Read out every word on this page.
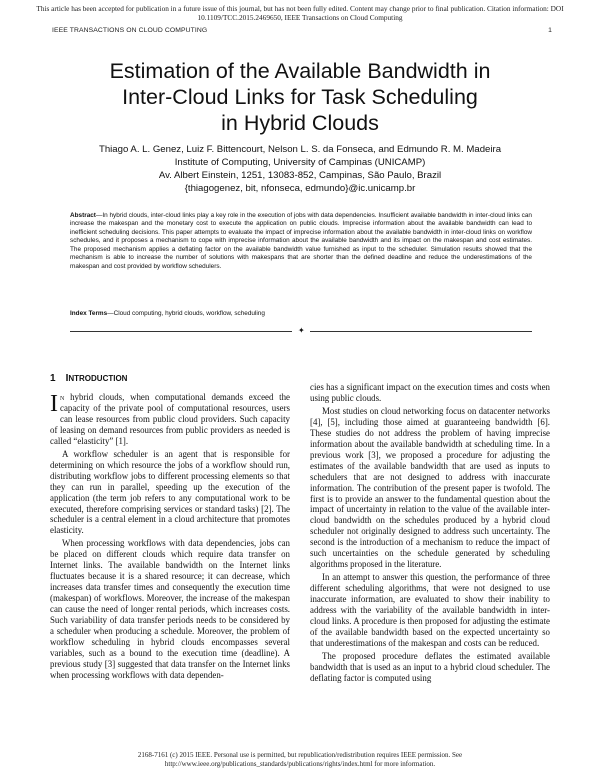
This article has been accepted for publication in a future issue of this journal, but has not been fully edited. Content may change prior to final publication. Citation information: DOI
10.1109/TCC.2015.2469650, IEEE Transactions on Cloud Computing
IEEE TRANSACTIONS ON CLOUD COMPUTING	1
Estimation of the Available Bandwidth in
Inter-Cloud Links for Task Scheduling
in Hybrid Clouds
Thiago A. L. Genez, Luiz F. Bittencourt, Nelson L. S. da Fonseca, and Edmundo R. M. Madeira
Institute of Computing, University of Campinas (UNICAMP)
Av. Albert Einstein, 1251, 13083-852, Campinas, São Paulo, Brazil
{thiagogenez, bit, nfonseca, edmundo}@ic.unicamp.br

Abstract—In hybrid clouds, inter-cloud links play a key role in the execution of jobs with data dependencies. Insufficient available bandwidth in inter-cloud links can increase the makespan and the monetary cost to execute the application on public clouds. Imprecise information about the available bandwidth can lead to inefficient scheduling decisions. This paper attempts to evaluate the impact of imprecise information about the available bandwidth in inter-cloud links on workflow schedules, and it proposes a mechanism to cope with imprecise information about the available bandwidth and its impact on the makespan and cost estimates. The proposed mechanism applies a deflating factor on the available bandwidth value furnished as input to the scheduler. Simulation results showed that the mechanism is able to increase the number of solutions with makespans that are shorter than the defined deadline and reduce the underestimations of the makespan and cost provided by workflow schedulers.

Index Terms—Cloud computing, hybrid clouds, workflow, scheduling

✦
1 INTRODUCTION

In hybrid clouds, when computational demands exceed the capacity of the private pool of computational resources, users can lease resources from public cloud providers. Such capacity of leasing on demand resources from public providers as needed is called “elasticity” [1].

A workflow scheduler is an agent that is responsible for determining on which resource the jobs of a workflow should run, distributing workflow jobs to different processing elements so that they can run in parallel, speeding up the execution of the application (the term job refers to any computational work to be executed, therefore comprising services or standard tasks) [2]. The scheduler is a central element in a cloud architecture that promotes elasticity.

When processing workflows with data dependencies, jobs can be placed on different clouds which require data transfer on Internet links. The available bandwidth on the Internet links fluctuates because it is a shared resource; it can decrease, which increases data transfer times and consequently the execution time (makespan) of workflows. Moreover, the increase of the makespan can cause the need of longer rental periods, which increases costs. Such variability of data transfer periods needs to be considered by a scheduler when producing a schedule. Moreover, the problem of workflow scheduling in hybrid clouds encompasses several variables, such as a bound to the execution time (deadline). A previous study [3] suggested that data transfer on the Internet links when processing workflows with data dependen-

cies has a significant impact on the execution times and costs when using public clouds.

Most studies on cloud networking focus on datacenter networks [4], [5], including those aimed at guaranteeing bandwidth [6]. These studies do not address the problem of having imprecise information about the available bandwidth at scheduling time. In a previous work [3], we proposed a procedure for adjusting the estimates of the available bandwidth that are used as inputs to schedulers that are not designed to address with inaccurate information. The contribution of the present paper is twofold. The first is to provide an answer to the fundamental question about the impact of uncertainty in relation to the value of the available inter-cloud bandwidth on the schedules produced by a hybrid cloud scheduler not originally designed to address such uncertainty. The second is the introduction of a mechanism to reduce the impact of such uncertainties on the schedule generated by scheduling algorithms proposed in the literature.

In an attempt to answer this question, the performance of three different scheduling algorithms, that were not designed to use inaccurate information, are evaluated to show their inability to address with the variability of the available bandwidth in inter-cloud links. A procedure is then proposed for adjusting the estimate of the available bandwidth based on the expected uncertainty so that underestimations of the makespan and costs can be reduced.

The proposed procedure deflates the estimated available bandwidth that is used as an input to a hybrid cloud scheduler. The deflating factor is computed using

2168-7161 (c) 2015 IEEE. Personal use is permitted, but republication/redistribution requires IEEE permission. See
http://www.ieee.org/publications_standards/publications/rights/index.html for more information.
